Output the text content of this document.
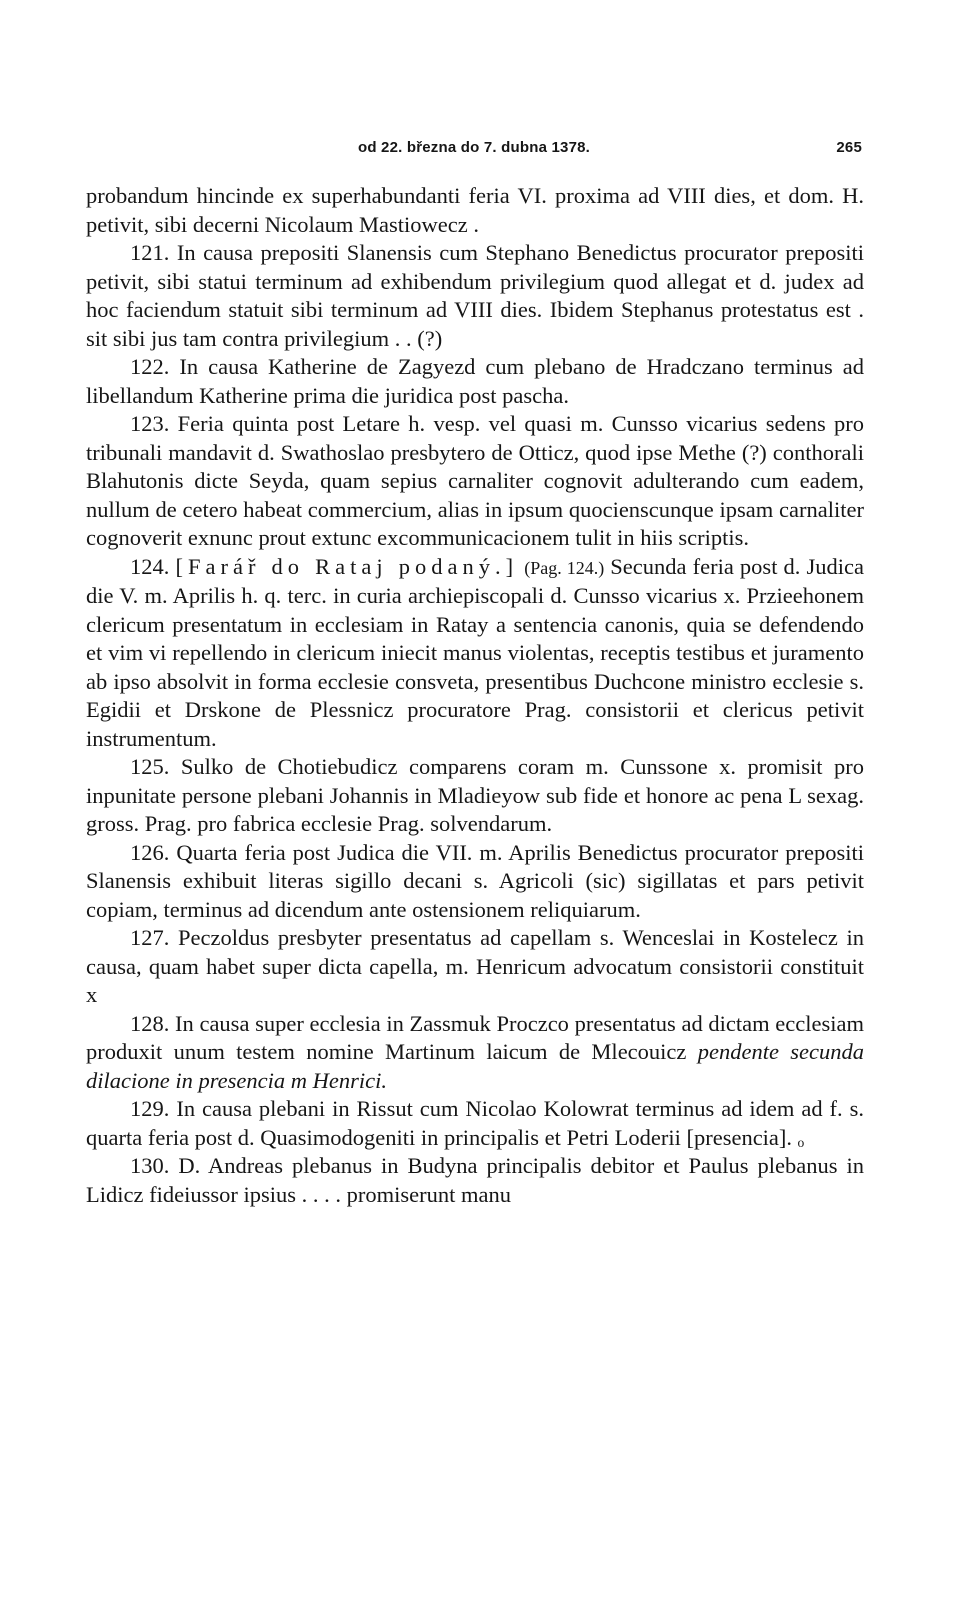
od 22. března do 7. dubna 1378.	265

probandum hincinde ex superhabundanti feria VI. proxima ad VIII dies, et dom. H. petivit, sibi decerni Nicolaum Mastiowecz .

121. In causa prepositi Slanensis cum Stephano Benedictus procurator prepositi petivit, sibi statui terminum ad exhibendum privilegium quod allegat et d. judex ad hoc faciendum statuit sibi terminum ad VIII dies. Ibidem Stephanus protestatus est . sit sibi jus tam contra privilegium . . (?)

122. In causa Katherine de Zagyezd cum plebano de Hradczano terminus ad libellandum Katherine prima die juridica post pascha.

123. Feria quinta post Letare h. vesp. vel quasi m. Cunsso vicarius sedens pro tribunali mandavit d. Swathoslao presbytero de Otticz, quod ipse Methe (?) conthorali Blahutonis dicte Seyda, quam sepius carnaliter cognovit adulterando cum eadem, nullum de cetero habeat commercium, alias in ipsum quocienscunque ipsam carnaliter cognoverit exnunc prout extunc excommunicacionem tulit in hiis scriptis.

124. [Farář do Rataj podaný.] (Pag. 124.) Secunda feria post d. Judica die V. m. Aprilis h. q. terc. in curia archiepiscopali d. Cunsso vicarius x. Przieehonem clericum presentatum in ecclesiam in Ratay a sentencia canonis, quia se defendendo et vim vi repellendo in clericum iniecit manus violentas, receptis testibus et juramento ab ipso absolvit in forma ecclesie consveta, presentibus Duchcone ministro ecclesie s. Egidii et Drskone de Plessnicz procuratore Prag. consistorii et clericus petivit instrumentum.

125. Sulko de Chotiebudicz comparens coram m. Cunssone x. promisit pro inpunitate persone plebani Johannis in Mladieyow sub fide et honore ac pena L sexag. gross. Prag. pro fabrica ecclesie Prag. solvendarum.

126. Quarta feria post Judica die VII. m. Aprilis Benedictus procurator prepositi Slanensis exhibuit literas sigillo decani s. Agricoli (sic) sigillatas et pars petivit copiam, terminus ad dicendum ante ostensionem reliquiarum.

127. Peczoldus presbyter presentatus ad capellam s. Wenceslai in Kostelecz in causa, quam habet super dicta capella, m. Henricum advocatum consistorii constituit x

128. In causa super ecclesia in Zassmuk Proczco presentatus ad dictam ecclesiam produxit unum testem nomine Martinum laicum de Mlecouicz pendente secunda dilacione in presencia m Henrici.

129. In causa plebani in Rissut cum Nicolao Kolowrat terminus ad idem ad f. s. quarta feria post d. Quasimodogeniti in principalis et Petri Loderii [presencia]. ₒ

130. D. Andreas plebanus in Budyna principalis debitor et Paulus plebanus in Lidicz fideiussor ipsius . . . . promiserunt manu
